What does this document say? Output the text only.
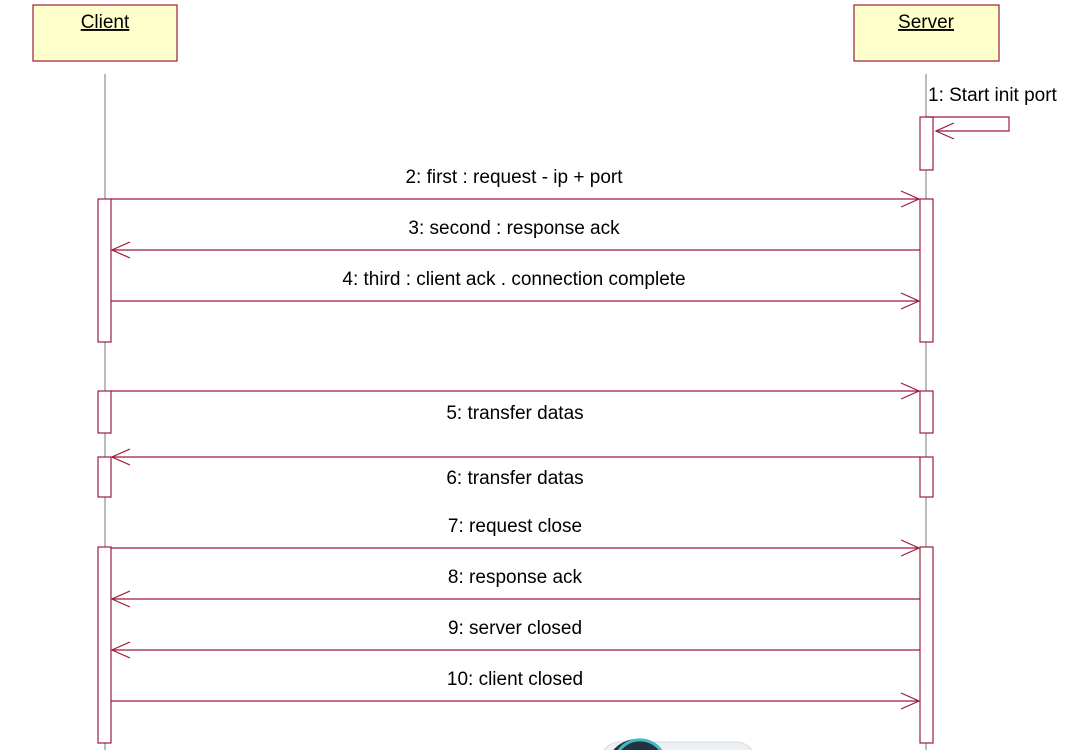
Client	Server
1: Start init port
2: first : request - ip + port
3: second : response ack
4: third : client ack . connection complete
5: transfer datas
6: transfer datas
7: request close
8: response ack
9: server closed
10: client closed
